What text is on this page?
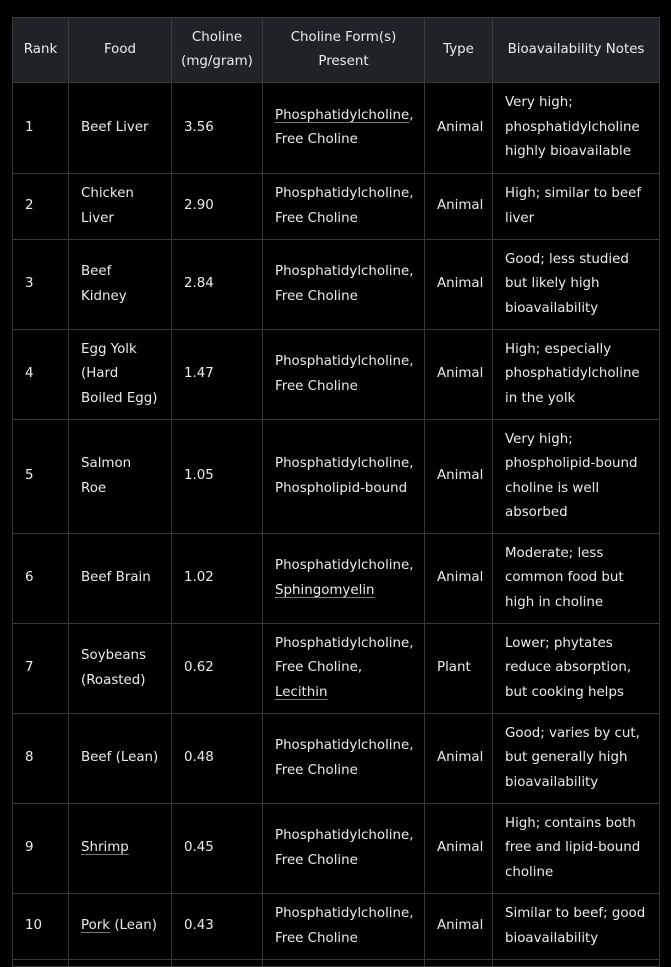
Rank	Food	Choline (mg/gram)	Choline Form(s) Present	Type	Bioavailability Notes
1	Beef Liver	3.56	Phosphatidylcholine, Free Choline	Animal	Very high; phosphatidylcholine highly bioavailable
2	Chicken Liver	2.90	Phosphatidylcholine, Free Choline	Animal	High; similar to beef liver
3	Beef Kidney	2.84	Phosphatidylcholine, Free Choline	Animal	Good; less studied but likely high bioavailability
4	Egg Yolk (Hard Boiled Egg)	1.47	Phosphatidylcholine, Free Choline	Animal	High; especially phosphatidylcholine in the yolk
5	Salmon Roe	1.05	Phosphatidylcholine, Phospholipid-bound	Animal	Very high; phospholipid-bound choline is well absorbed
6	Beef Brain	1.02	Phosphatidylcholine, Sphingomyelin	Animal	Moderate; less common food but high in choline
7	Soybeans (Roasted)	0.62	Phosphatidylcholine, Free Choline, Lecithin	Plant	Lower; phytates reduce absorption, but cooking helps
8	Beef (Lean)	0.48	Phosphatidylcholine, Free Choline	Animal	Good; varies by cut, but generally high bioavailability
9	Shrimp	0.45	Phosphatidylcholine, Free Choline	Animal	High; contains both free and lipid-bound choline
10	Pork (Lean)	0.43	Phosphatidylcholine, Free Choline	Animal	Similar to beef; good bioavailability
